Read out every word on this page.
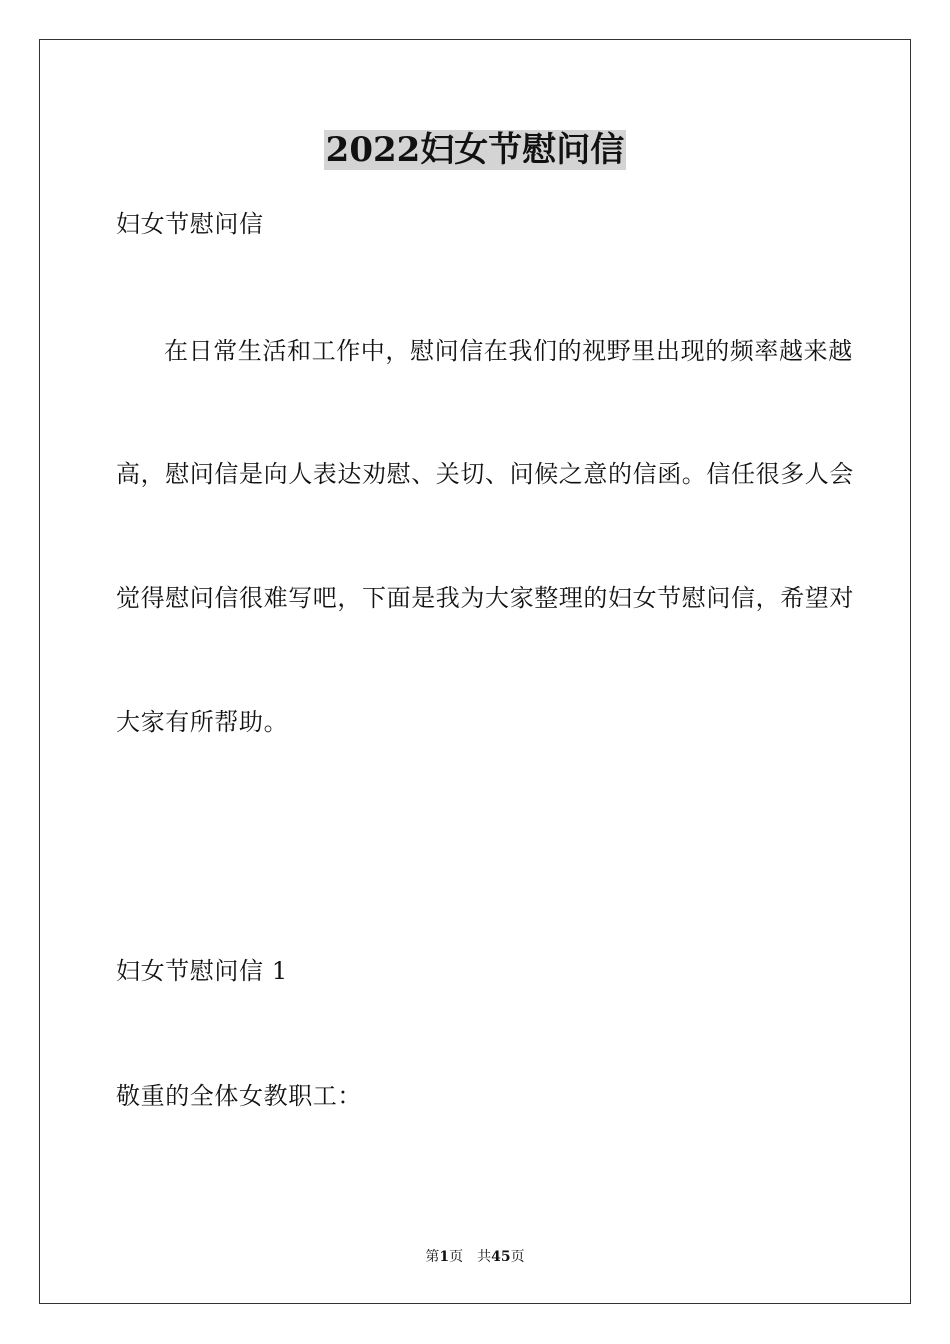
2022妇女节慰问信
妇女节慰问信
在日常生活和工作中，慰问信在我们的视野里出现的频率越来越
高，慰问信是向人表达劝慰、关切、问候之意的信函。信任很多人会
觉得慰问信很难写吧，下面是我为大家整理的妇女节慰问信，希望对
大家有所帮助。
妇女节慰问信 1
敬重的全体女教职工：
第1页　共45页
